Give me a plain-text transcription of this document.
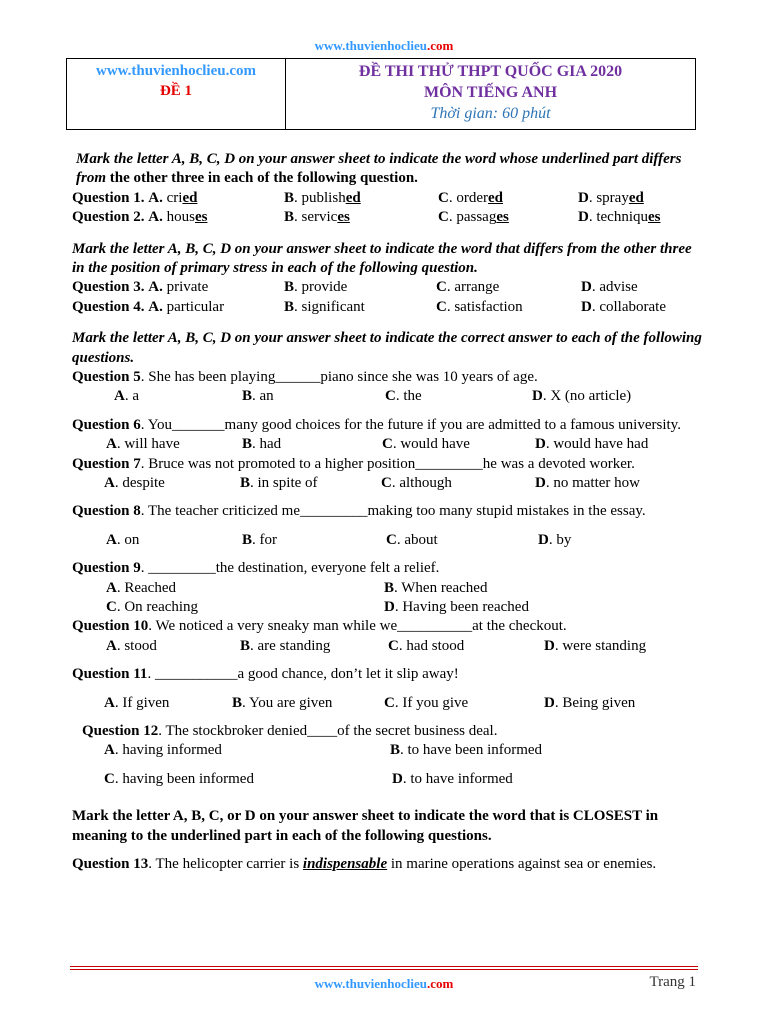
www.thuvienhoclieu.com
www.thuvienhoclieu.com
ĐỀ 1

ĐỀ THI THỬ THPT QUỐC GIA 2020
MÔN TIẾNG ANH
Thời gian: 60 phút

Mark the letter A, B, C, D on your answer sheet to indicate the word whose underlined part differs from the other three in each of the following question.

Question 1. A. cried	B. published	C. ordered	D. sprayed
Question 2. A. houses	B. services	C. passages	D. techniques

Mark the letter A, B, C, D on your answer sheet to indicate the word that differs from the other three in the position of primary stress in each of the following question.

Question 3. A. private	B. provide	C. arrange	D. advise
Question 4. A. particular	B. significant	C. satisfaction	D. collaborate

Mark the letter A, B, C, D on your answer sheet to indicate the correct answer to each of the following questions.

Question 5. She has been playing______piano since she was 10 years of age.

A. a	B. an	C. the	D. X (no article)

Question 6. You_______many good choices for the future if you are admitted to a famous university.

A. will have	B. had	C. would have	D. would have had

Question 7. Bruce was not promoted to a higher position_________he was a devoted worker.

A. despite	B. in spite of	C. although	D. no matter how

Question 8. The teacher criticized me_________making too many stupid mistakes in the essay.

A. on	B. for	C. about	D. by

Question 9. _________the destination, everyone felt a relief.

A. Reached	B. When reached
C. On reaching	D. Having been reached

Question 10. We noticed a very sneaky man while we__________at the checkout.

A. stood	B. are standing	C. had stood	D. were standing

Question 11. ___________a good chance, don’t let it slip away!

A. If given	B. You are given	C. If you give	D. Being given

Question 12. The stockbroker denied____of the secret business deal.

A. having informed	B. to have been informed
C. having been informed	D. to have informed

Mark the letter A, B, C, or D on your answer sheet to indicate the word that is CLOSEST in meaning to the underlined part in each of the following questions.

Question 13. The helicopter carrier is indispensable in marine operations against sea or enemies.

www.thuvienhoclieu.com	Trang 1
